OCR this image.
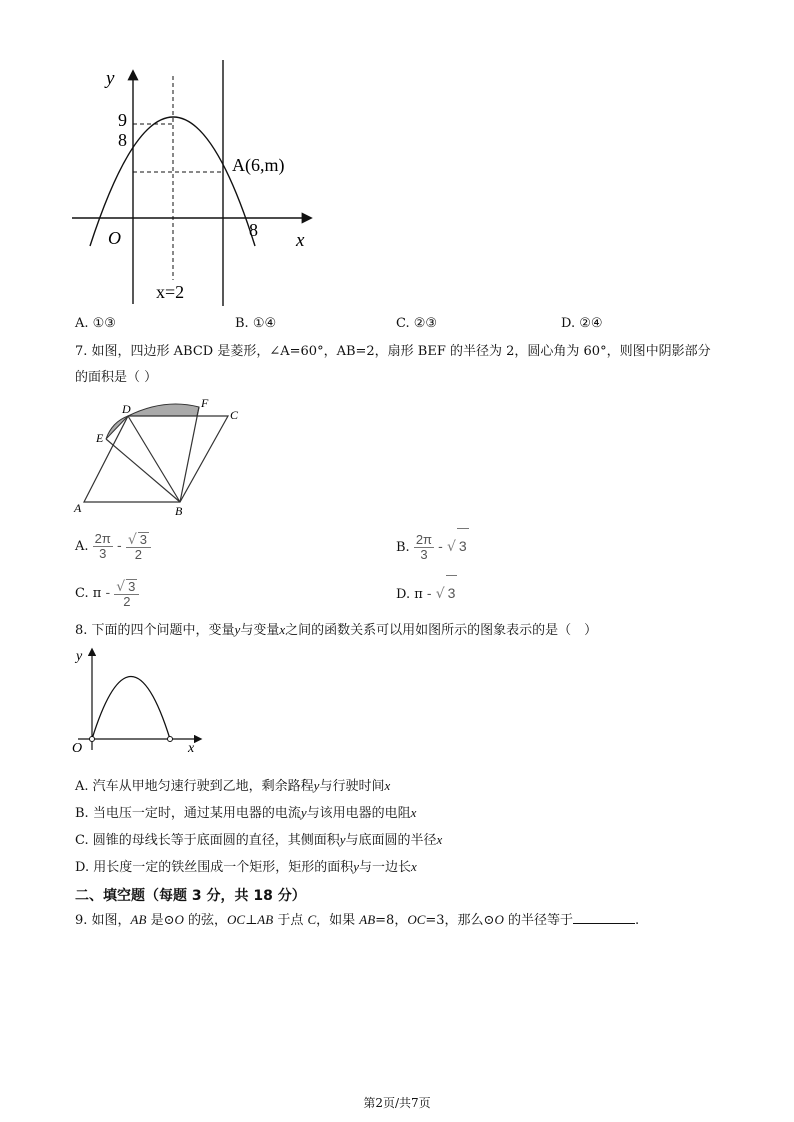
y
x
O
9
8
8
A(6,m)
x=2
A. ①③	B. ①④	C. ②③	D. ②④
7. 如图，四边形 ABCD 是菱形，∠A=60°，AB=2，扇形 BEF 的半径为 2，圆心角为 60°，则图中阴影部分
的面积是（ ）
A	B
C
D
E
F
A. $\frac{2\pi}{3} - \frac{√ 3}{2}$	B. $\frac{2\pi}{3}$ - √ 3
C. π - $\frac{√ 3}{2}$	D. π - √ 3
8. 下面的四个问题中，变量y与变量x之间的函数关系可以用如图所示的图象表示的是（　）
y
x
O
A. 汽车从甲地匀速行驶到乙地，剩余路程y与行驶时间x
B. 当电压一定时，通过某用电器的电流y与该用电器的电阻x
C. 圆锥的母线长等于底面圆的直径，其侧面积y与底面圆的半径x
D. 用长度一定的铁丝围成一个矩形，矩形的面积y与一边长x
二、填空题（每题 3 分，共 18 分）
9. 如图，AB 是⊙O 的弦，OC⊥AB 于点 C，如果 AB=8，OC=3，那么⊙O 的半径等于	.
第2页/共7页
